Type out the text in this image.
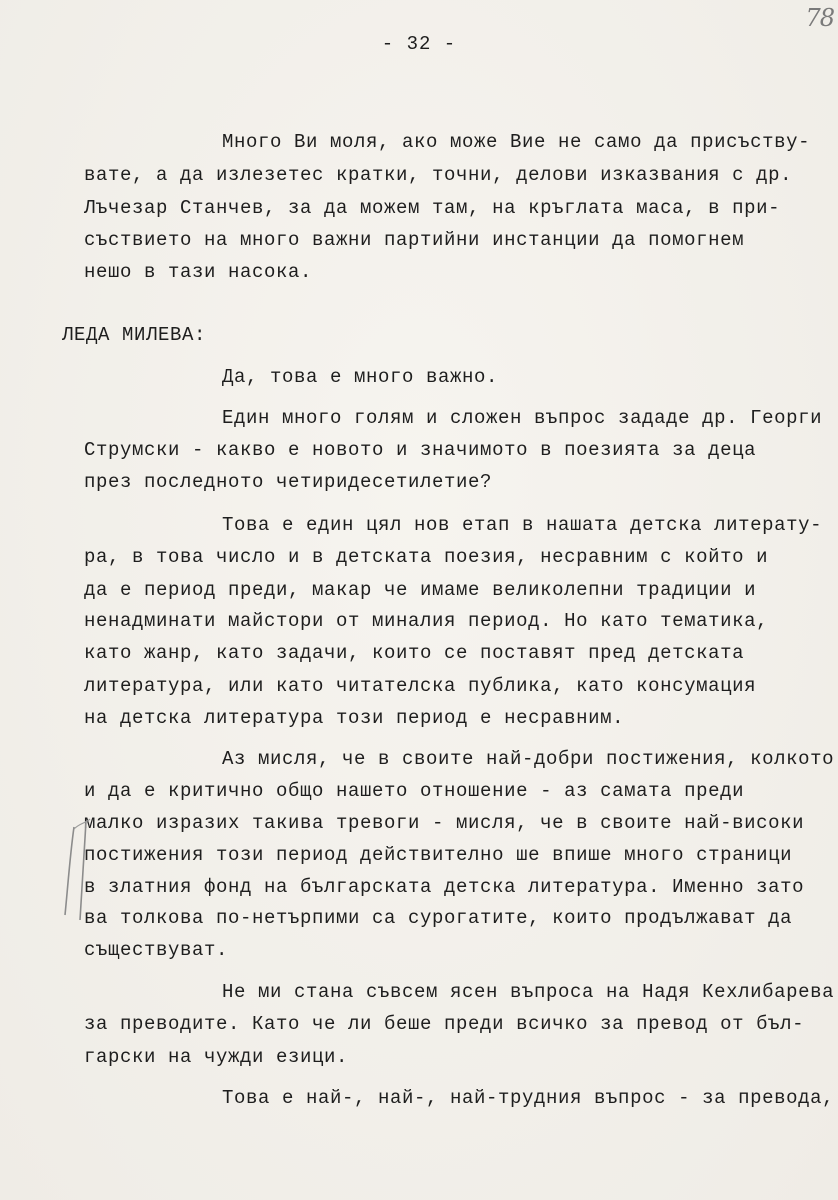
78
- 32 -
Много Ви моля, ако може Вие не само да присъству-
вате, а да излезетес кратки, точни, делови изказвания с др.
Лъчезар Станчев, за да можем там, на кръглата маса, в при-
съствието на много важни партийни инстанции да помогнем
нешо в тази насока.
ЛЕДА МИЛЕВА:
Да, това е много важно.
Един много голям и сложен въпрос зададе др. Георги
Струмски - какво е новото и значимото в поезията за деца
през последното четиридесетилетие?
Това е един цял нов етап в нашата детска литерату-
ра, в това число и в детската поезия, несравним с който и
да е период преди, макар че имаме великолепни традиции и
ненадминати майстори от миналия период. Но като тематика,
като жанр, като задачи, които се поставят пред детската
литература, или като читателска публика, като консумация
на детска литература този период е несравним.
Аз мисля, че в своите най-добри постижения, колкото
и да е критично общо нашето отношение - аз самата преди
малко изразих такива тревоги - мисля, че в своите най-високи
постижения този период действително ше впише много страници
в златния фонд на българската детска литература. Именно зато
ва толкова по-нетърпими са сурогатите, които продължават да
съществуват.
Не ми стана съвсем ясен въпроса на Надя Кехлибарева
за преводите. Като че ли беше преди всичко за превод от бъл-
гарски на чужди езици.
Това е най-, най-, най-трудния въпрос - за превода,
